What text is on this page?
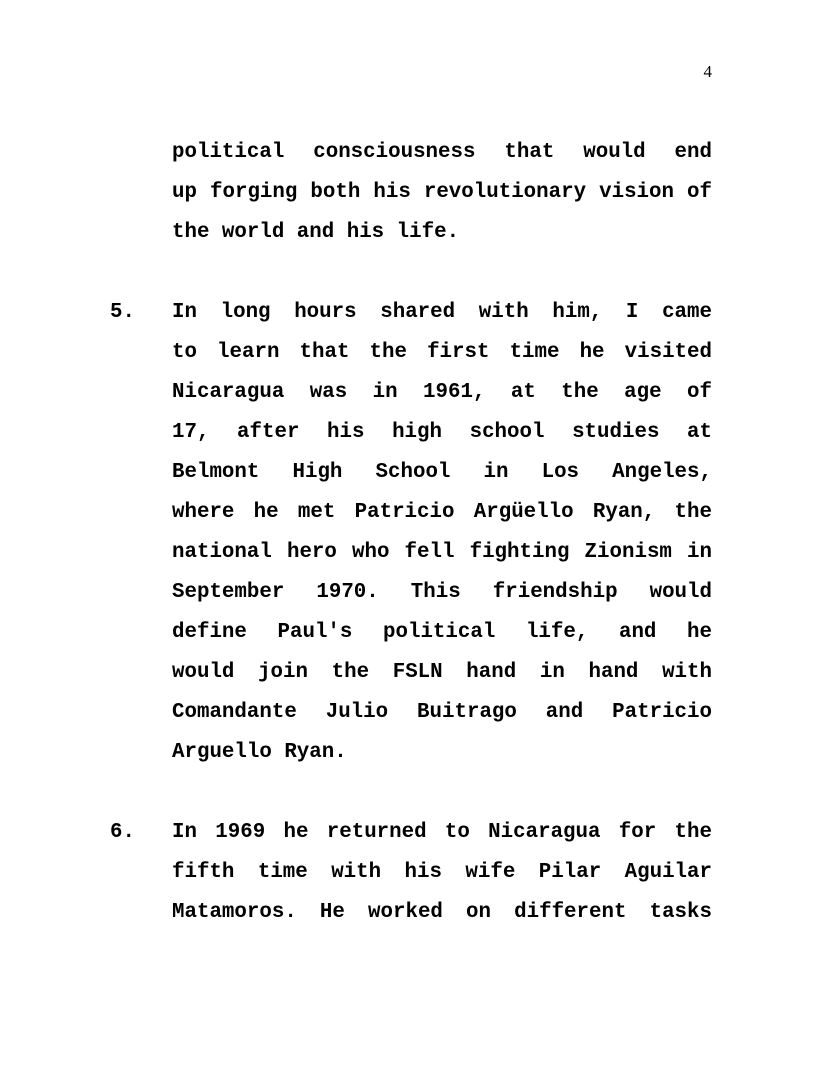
4
political consciousness that would end
up forging both his revolutionary vision of
the world and his life.
5.	In long hours shared with him, I came
to learn that the first time he visited
Nicaragua was in 1961, at the age of
17, after his high school studies at
Belmont High School in Los Angeles,
where he met Patricio Argüello Ryan, the
national hero who fell fighting Zionism in
September 1970. This friendship would
define Paul's political life, and he
would join the FSLN hand in hand with
Comandante Julio Buitrago and Patricio
Arguello Ryan.
6.	In 1969 he returned to Nicaragua for the
fifth time with his wife Pilar Aguilar
Matamoros. He worked on different tasks
